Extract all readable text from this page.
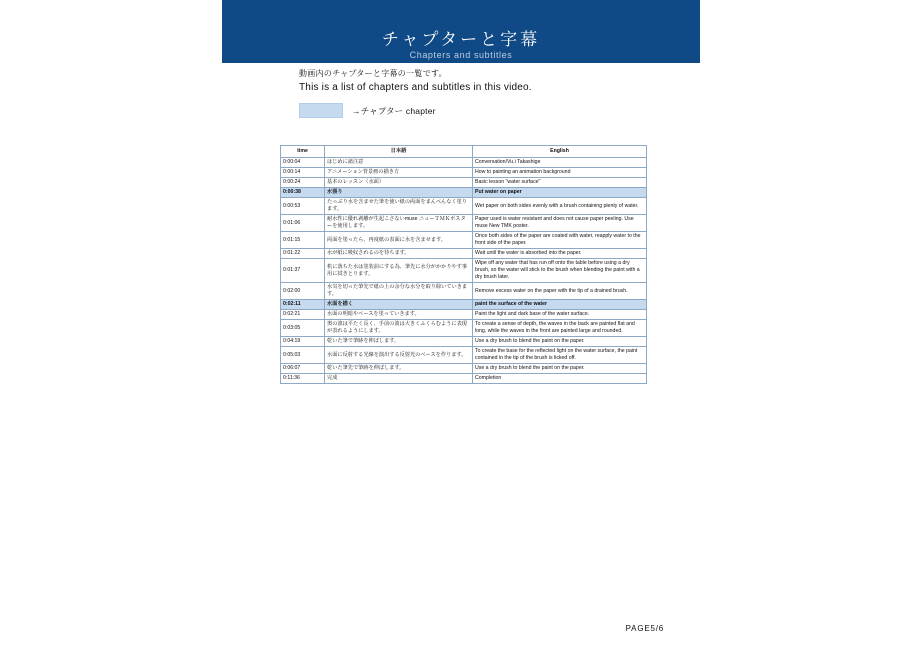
チャプターと字幕
Chapters and subtitles
動画内のチャプターと字幕の一覧です。
This is a list of chapters and subtitles in this video.
→チャプター chapter
time	日本語	English
0:00:04	はじめに諸注意	Conversation/Vu.i Takashige
0:00:14	アニメーション背景画の描き方	How to painting an animation background
0:00:24	基本のレッスン（水面）	Basic lesson "water surface"
0:00:38	水張り	Put water on paper
0:00:53	たっぷり水を含ませた筆を使い紙の両面をまんべんなく塗ります。	Wet paper on both sides evenly with a brush containing plenty of water.
0:01:06	耐水性に優れ剥離が生起こさないmuse ニューＴＭＫポスターを使用します。	Paper used is water resistant and does not cause paper peeling. Use muse New TMK poster.
0:01:15	両面を塗ったら、再度紙の表面に水を含ませます。	Once both sides of the paper are coated with water, reapply water to the front side of the paper.
0:01:22	水が紙に吸収されるのを待ちます。	Wait until the water is absorbed into the paper.
0:01:37	机に落ちた水は塗装前にする為、筆先に水分がかかりやす事用に拭きとります。	Wipe off any water that has run off onto the table before using a dry brush, so the water will stick to the brush when blending the paint with a dry brush later.
0:02:00	水気を切った筆先で紙の上の余分な水分を取り除いていきます。	Remove excess water on the paper with the tip of a drained brush.
0:02:11	水面を描く	paint the surface of the water
0:02:21	水面の明暗やベースを塗っていきます。	Paint the light and dark base of the water surface.
0:03:05	奥の波は平たく長く、手前の波は大きくふくらむように表現が表れるようにします。	To create a sense of depth, the waves in the back are painted flat and long, while the waves in the front are painted large and rounded.
0:04:19	乾いた筆で筆跡を伸ばします。	Use a dry brush to blend the paint on the paper.
0:05:03	水面に反射する光線を演出する反射光のベースを作ります。	To create the base for the reflected light on the water surface, the paint contained in the tip of the brush is licked off.
0:06:07	乾いた筆先で筆跡を伸ばします。	Use a dry brush to blend the paint on the paper.
0:11:36	完成	Completion
PAGE5/6
